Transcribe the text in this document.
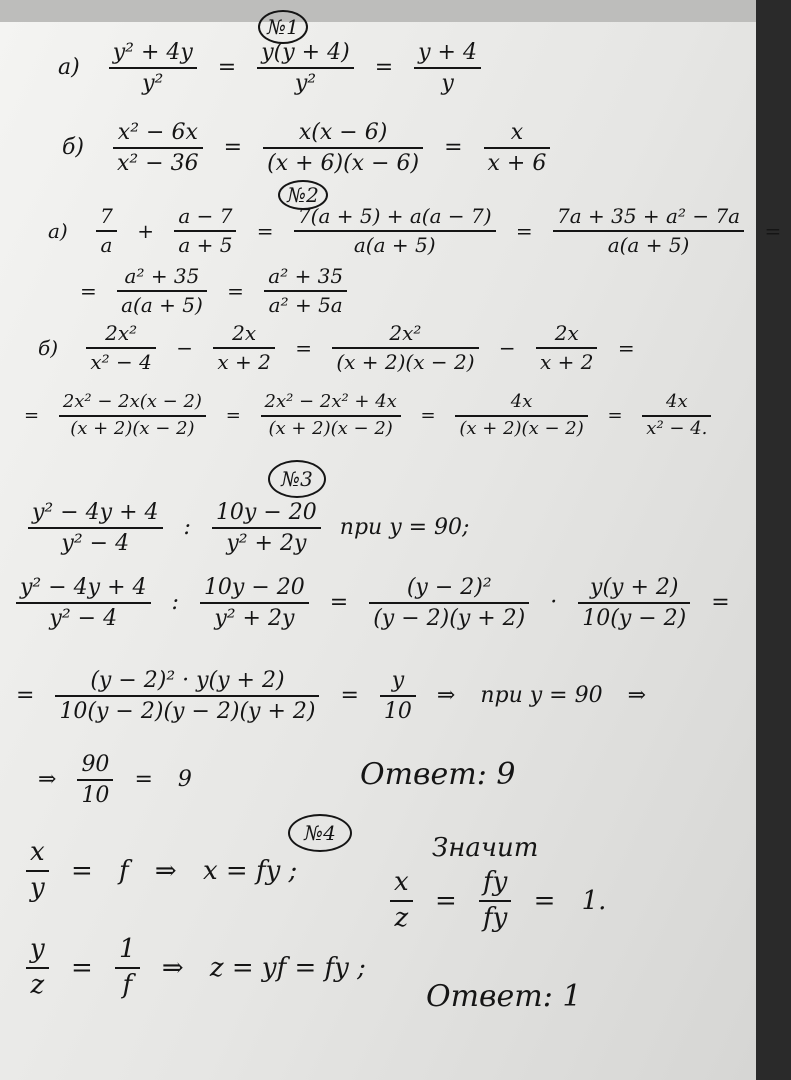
№1
$а) \frac{\text{y² + 4y}}{\text{y²}} = \frac{y(y + 4)}{\text{y²}} = \frac{y + 4}{y}$
$б) \frac{\text{x² − 6x}}{\text{x² − 36}} = \frac{x(x - 6)}{(x + 6)(x - 6)} = \frac{x}{x + 6}$
№2
$а) \frac{7}{a} + \frac{a - 7}{a + 5} = \frac{7(a + 5) + a(a - 7)}{a(a + 5)} = \frac{\text{7a + 35 + a² − 7a}}{a(a + 5)}$ =
= $\frac{\text{a² + 35}}{a(a + 5)} = \frac{\text{a² + 35}}{\text{a² + 5a}}$
$б) \frac{\text{2x²}}{\text{x² − 4}} - \frac{2x}{x + 2} = \frac{\text{2x²}}{(x + 2)(x - 2)} - \frac{2x}{x + 2}$ =
= $\frac{\text{2x² − 2x(x − 2)}}{(x + 2)(x - 2)} = \frac{\text{2x² − 2x² + 4x}}{(x + 2)(x - 2)} = \frac{4x}{(x + 2)(x - 2)} = \frac{4x}{\text{x² − 4.}}$
№3
$\frac{\text{y² − 4y + 4}}{\text{y² − 4}}$ : $\frac{10y - 20}{\text{y² + 2y}}$ при y = 90;
$\frac{\text{y² − 4y + 4}}{\text{y² − 4}}$ : $\frac{10y - 20}{\text{y² + 2y}} = \frac{\text{(y − 2)²}}{(y - 2)(y + 2)} \cdot \frac{y(y + 2)}{10(y - 2)}$ =
= $\frac{\text{(y − 2)² · y(y + 2)}}{10(y - 2)(y - 2)(y + 2)} = \frac{y}{10}$ ⇒ при y = 90 ⇒
⇒ $\frac{90}{10} = 9$	Ответ: 9
№4
$\frac{x}{y} = f$ ⇒ x = fy ;
$\frac{y}{z} = \frac{1}{f}$ ⇒ z = yf = fy ;
Значит
$\frac{x}{z} = \frac{fy}{fy} = 1$.
Ответ: 1
